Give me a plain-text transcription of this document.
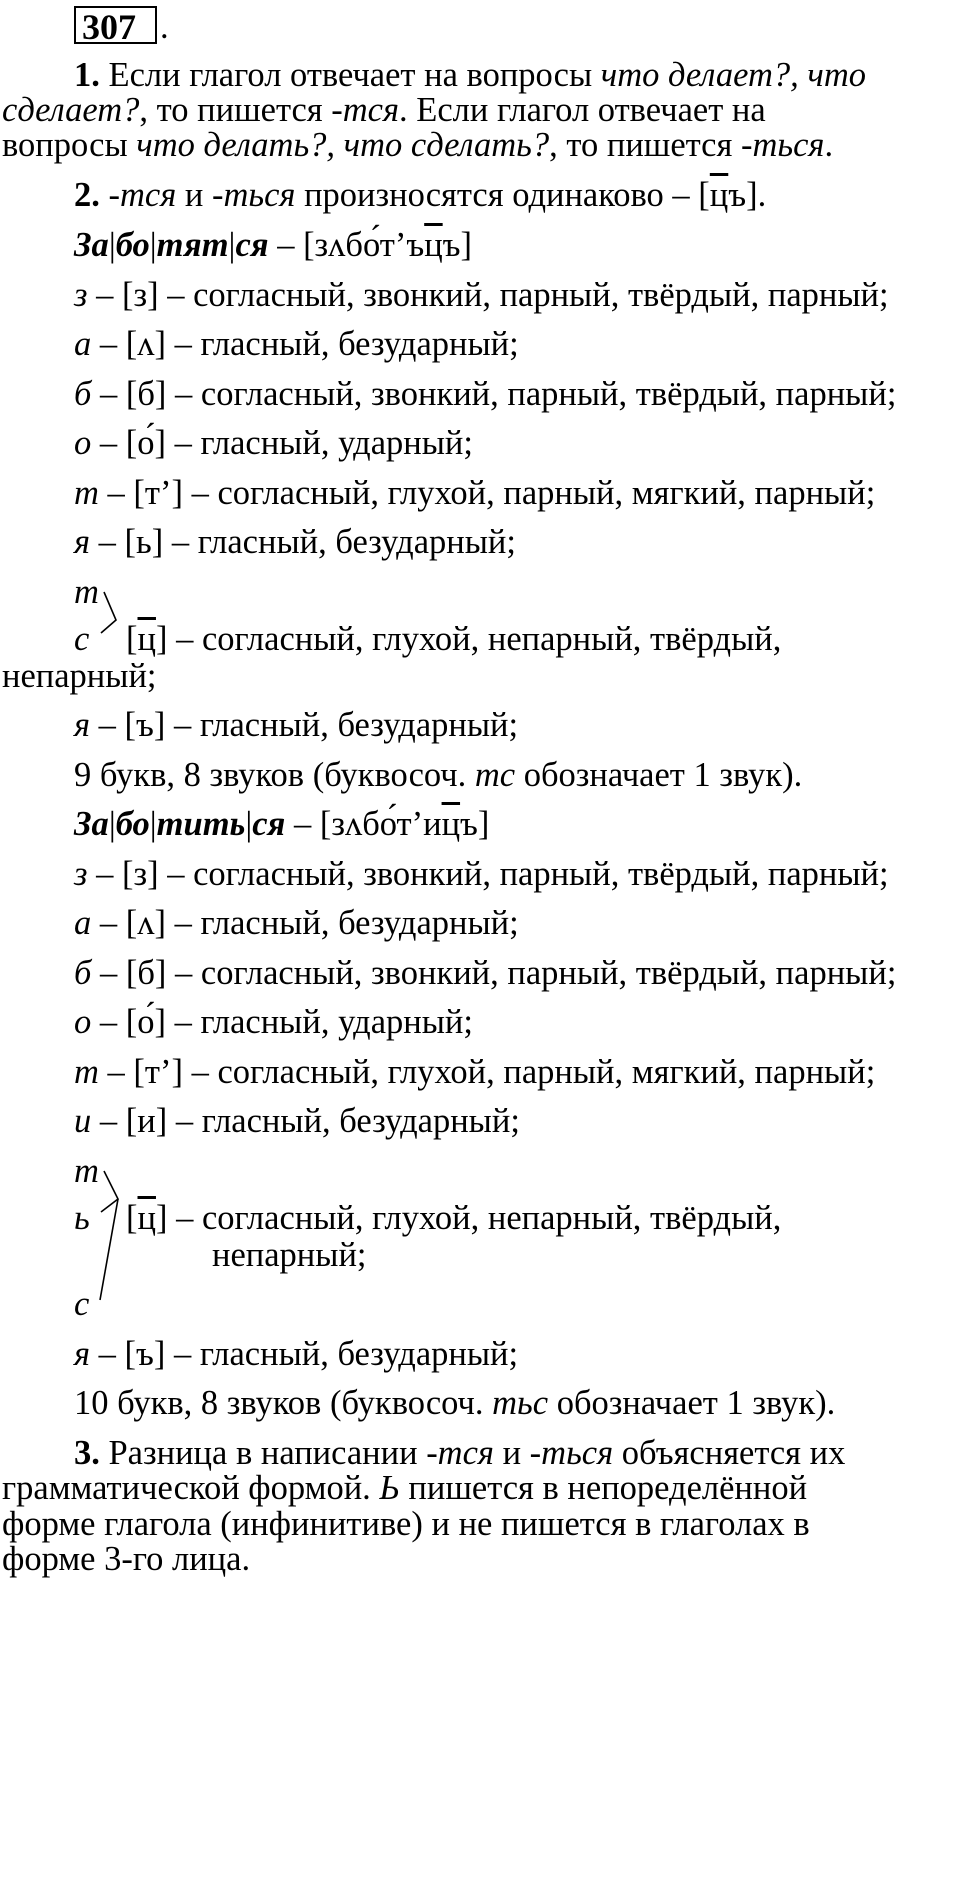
307 .
1. Если глагол отвечает на вопросы что делает?, что
сделает?, то пишется -тся. Если глагол отвечает на
вопросы что делать?, что сделать?, то пишется -ться.
2. -тся и -ться произносятся одинаково – [цъ].
За|бо|тят|ся – [зʌбо́т’ъцъ]
з – [з] – согласный, звонкий, парный, твёрдый, парный;
а – [ʌ] – гласный, безударный;
б – [б] – согласный, звонкий, парный, твёрдый, парный;
о – [о́] – гласный, ударный;
т – [т’] – согласный, глухой, парный, мягкий, парный;
я – [ь] – гласный, безударный;
т
с [ц] – согласный, глухой, непарный, твёрдый,
непарный;
я – [ъ] – гласный, безударный;
9 букв, 8 звуков (буквосоч. тс обозначает 1 звук).
За|бо|тить|ся – [зʌбо́т’ицъ]
з – [з] – согласный, звонкий, парный, твёрдый, парный;
а – [ʌ] – гласный, безударный;
б – [б] – согласный, звонкий, парный, твёрдый, парный;
о – [о́] – гласный, ударный;
т – [т’] – согласный, глухой, парный, мягкий, парный;
и – [и] – гласный, безударный;
т
ь
с
[ц] – согласный, глухой, непарный, твёрдый,
непарный;
я – [ъ] – гласный, безударный;
10 букв, 8 звуков (буквосоч. тьс обозначает 1 звук).
3. Разница в написании -тся и -ться объясняется их
грамматической формой. Ь пишется в непоределённой
форме глагола (инфинитиве) и не пишется в глаголах в
форме 3-го лица.
